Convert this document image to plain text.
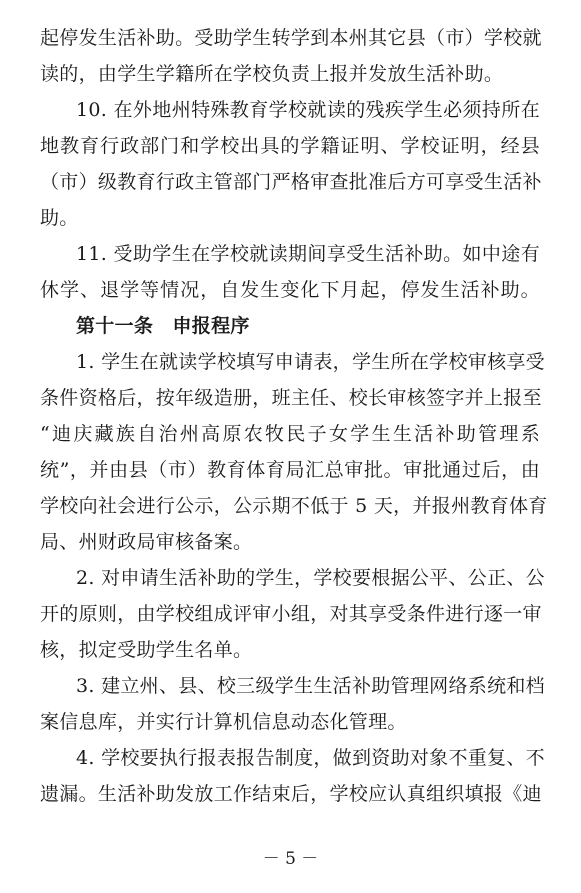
起停发生活补助。受助学生转学到本州其它县（市）学校就
读的，由学生学籍所在学校负责上报并发放生活补助。
10. 在外地州特殊教育学校就读的残疾学生必须持所在
地教育行政部门和学校出具的学籍证明、学校证明，经县
（市）级教育行政主管部门严格审查批准后方可享受生活补
助。
11. 受助学生在学校就读期间享受生活补助。如中途有
休学、退学等情况，自发生变化下月起，停发生活补助。
第十一条　申报程序
1. 学生在就读学校填写申请表，学生所在学校审核享受
条件资格后，按年级造册，班主任、校长审核签字并上报至
“迪庆藏族自治州高原农牧民子女学生生活补助管理系
统”，并由县（市）教育体育局汇总审批。审批通过后，由
学校向社会进行公示，公示期不低于 5 天，并报州教育体育
局、州财政局审核备案。
2. 对申请生活补助的学生，学校要根据公平、公正、公
开的原则，由学校组成评审小组，对其享受条件进行逐一审
核，拟定受助学生名单。
3. 建立州、县、校三级学生生活补助管理网络系统和档
案信息库，并实行计算机信息动态化管理。
4. 学校要执行报表报告制度，做到资助对象不重复、不
遗漏。生活补助发放工作结束后，学校应认真组织填报《迪
－ 5 －
